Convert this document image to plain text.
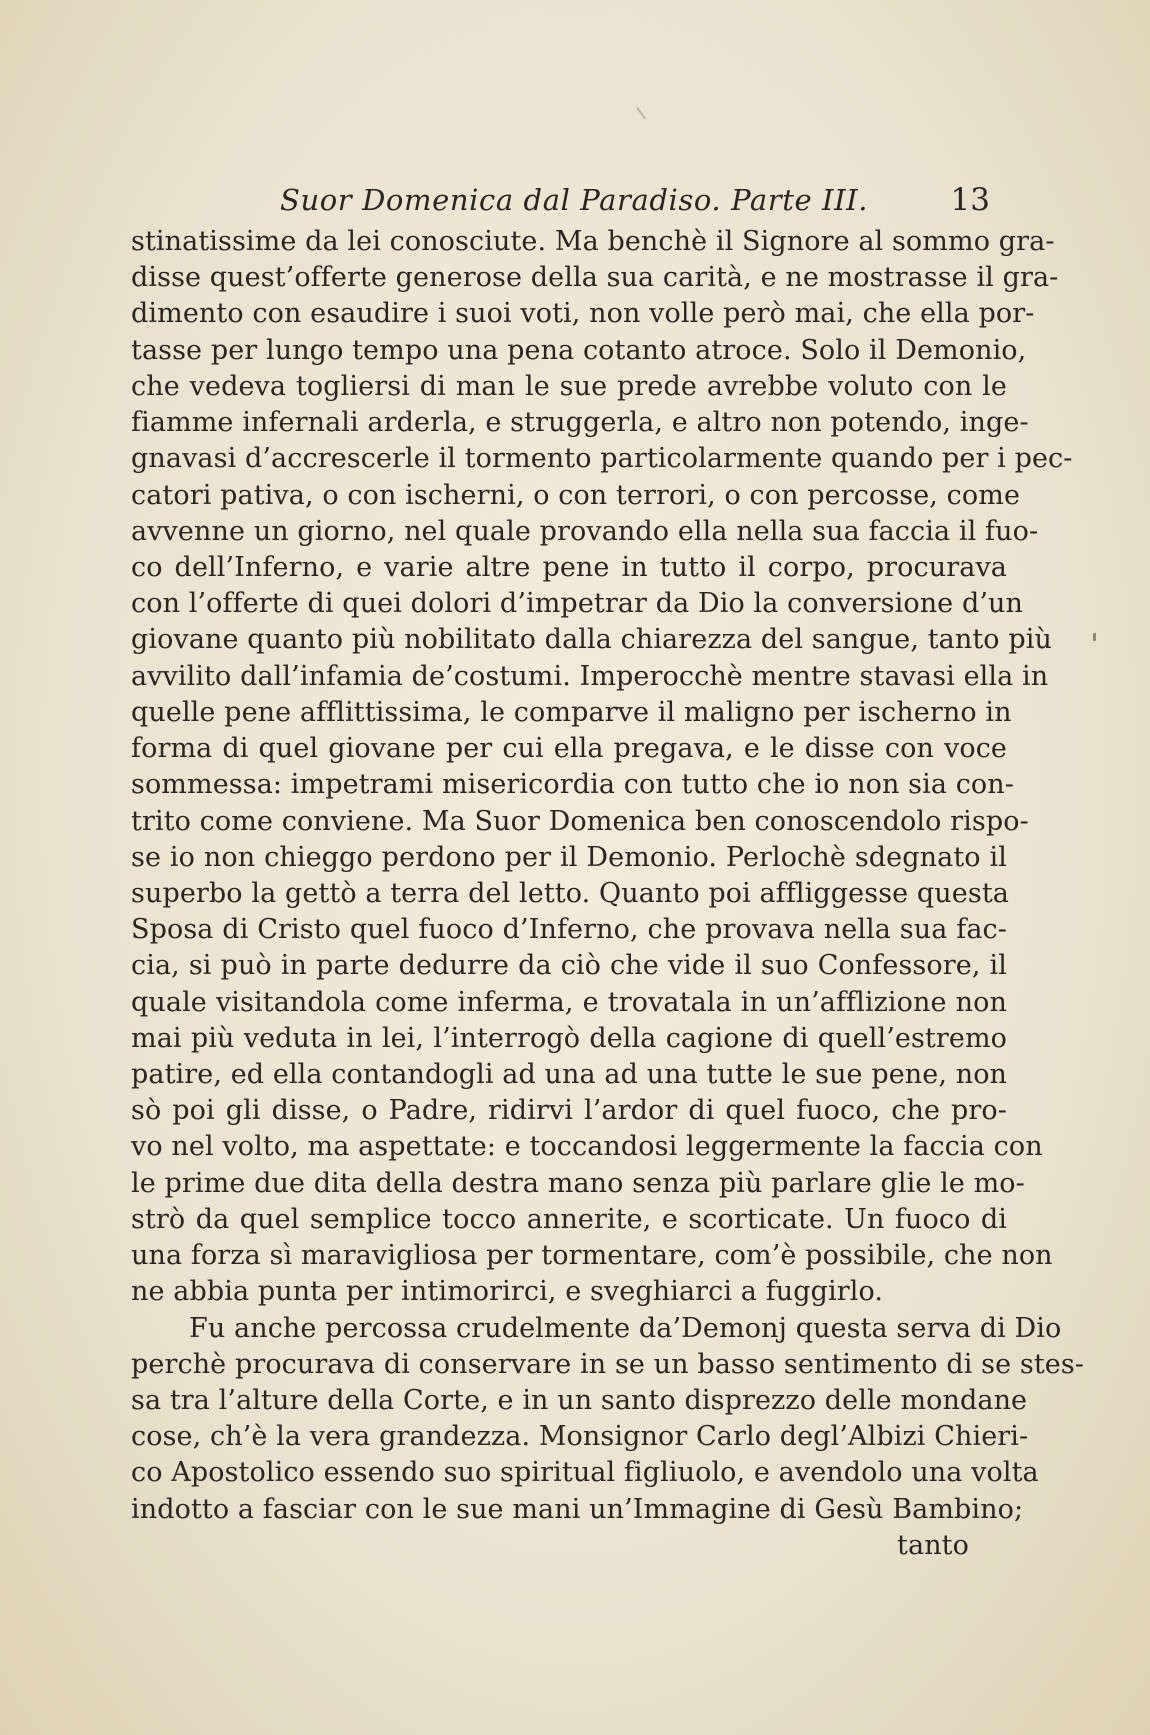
Suor Domenica dal Paradiso. Parte III.	13
stinatissime da lei conosciute. Ma benchè il Signore al sommo gra-
disse quest’offerte generose della sua carità, e ne mostrasse il gra-
dimento con esaudire i suoi voti, non volle però mai, che ella por-
tasse per lungo tempo una pena cotanto atroce. Solo il Demonio,
che vedeva togliersi di man le sue prede avrebbe voluto con le
fiamme infernali arderla, e struggerla, e altro non potendo, inge-
gnavasi d’accrescerle il tormento particolarmente quando per i pec-
catori pativa, o con ischerni, o con terrori, o con percosse, come
avvenne un giorno, nel quale provando ella nella sua faccia il fuo-
co dell’Inferno, e varie altre pene in tutto il corpo, procurava
con l’offerte di quei dolori d’impetrar da Dio la conversione d’un
giovane quanto più nobilitato dalla chiarezza del sangue, tanto più
avvilito dall’infamia de’costumi. Imperocchè mentre stavasi ella in
quelle pene afflittissima, le comparve il maligno per ischerno in
forma di quel giovane per cui ella pregava, e le disse con voce
sommessa: impetrami misericordia con tutto che io non sia con-
trito come conviene. Ma Suor Domenica ben conoscendolo rispo-
se io non chieggo perdono per il Demonio. Perlochè sdegnato il
superbo la gettò a terra del letto. Quanto poi affliggesse questa
Sposa di Cristo quel fuoco d’Inferno, che provava nella sua fac-
cia, si può in parte dedurre da ciò che vide il suo Confessore, il
quale visitandola come inferma, e trovatala in un’afflizione non
mai più veduta in lei, l’interrogò della cagione di quell’estremo
patire, ed ella contandogli ad una ad una tutte le sue pene, non
sò poi gli disse, o Padre, ridirvi l’ardor di quel fuoco, che pro-
vo nel volto, ma aspettate: e toccandosi leggermente la faccia con
le prime due dita della destra mano senza più parlare glie le mo-
strò da quel semplice tocco annerite, e scorticate. Un fuoco di
una forza sì maravigliosa per tormentare, com’è possibile, che non
ne abbia punta per intimorirci, e sveghiarci a fuggirlo.
Fu anche percossa crudelmente da’Demonj questa serva di Dio
perchè procurava di conservare in se un basso sentimento di se stes-
sa tra l’alture della Corte, e in un santo disprezzo delle mondane
cose, ch’è la vera grandezza. Monsignor Carlo degl’Albizi Chieri-
co Apostolico essendo suo spiritual figliuolo, e avendolo una volta
indotto a fasciar con le sue mani un’Immagine di Gesù Bambino;
tanto
